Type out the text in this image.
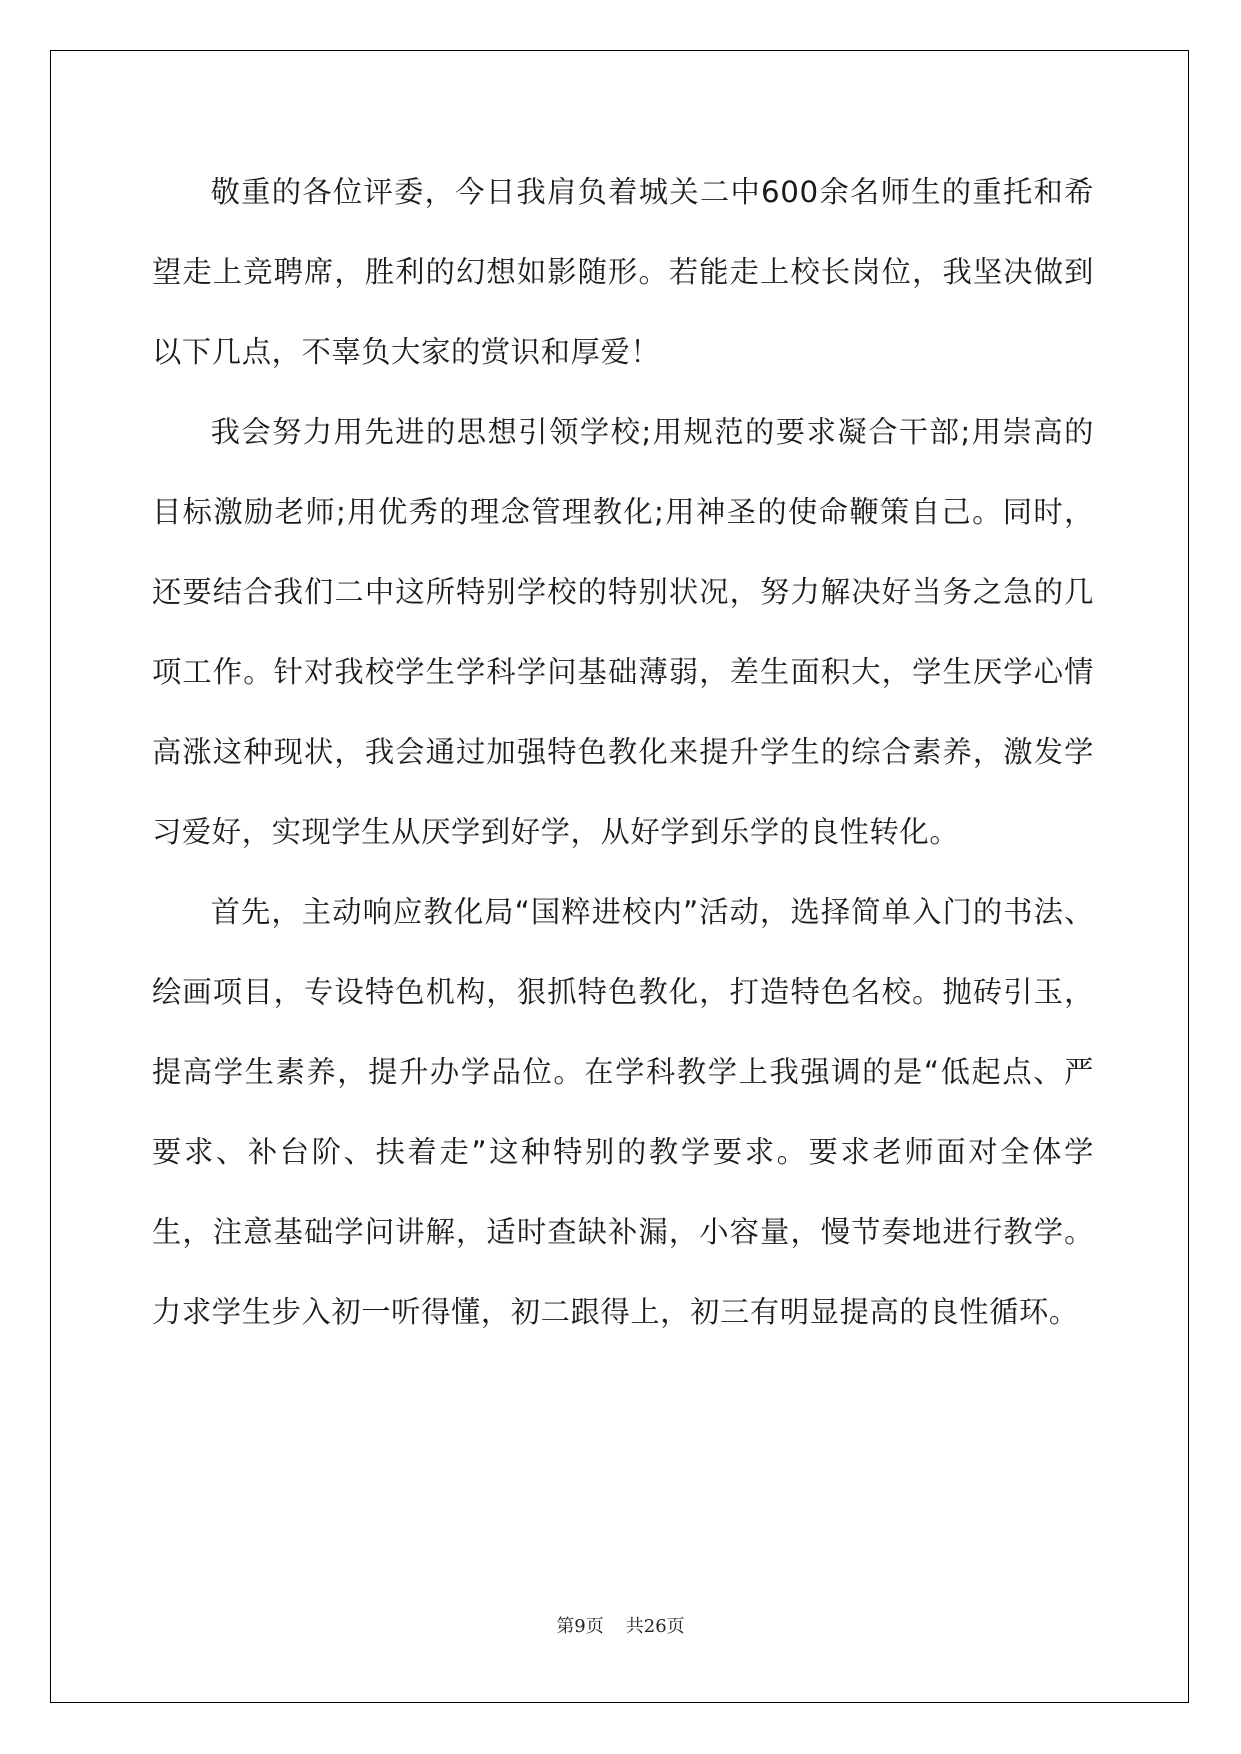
敬重的各位评委，今日我肩负着城关二中600余名师生的重托和希望走上竞聘席，胜利的幻想如影随形。若能走上校长岗位，我坚决做到以下几点，不辜负大家的赏识和厚爱！

我会努力用先进的思想引领学校;用规范的要求凝合干部;用崇高的目标激励老师;用优秀的理念管理教化;用神圣的使命鞭策自己。同时，还要结合我们二中这所特别学校的特别状况，努力解决好当务之急的几项工作。针对我校学生学科学问基础薄弱，差生面积大，学生厌学心情高涨这种现状，我会通过加强特色教化来提升学生的综合素养，激发学习爱好，实现学生从厌学到好学，从好学到乐学的良性转化。

首先，主动响应教化局“国粹进校内”活动，选择简单入门的书法、绘画项目，专设特色机构，狠抓特色教化，打造特色名校。抛砖引玉，提高学生素养，提升办学品位。在学科教学上我强调的是“低起点、严要求、补台阶、扶着走”这种特别的教学要求。要求老师面对全体学生，注意基础学问讲解，适时查缺补漏，小容量，慢节奏地进行教学。力求学生步入初一听得懂，初二跟得上，初三有明显提高的良性循环。

第9页 共26页
